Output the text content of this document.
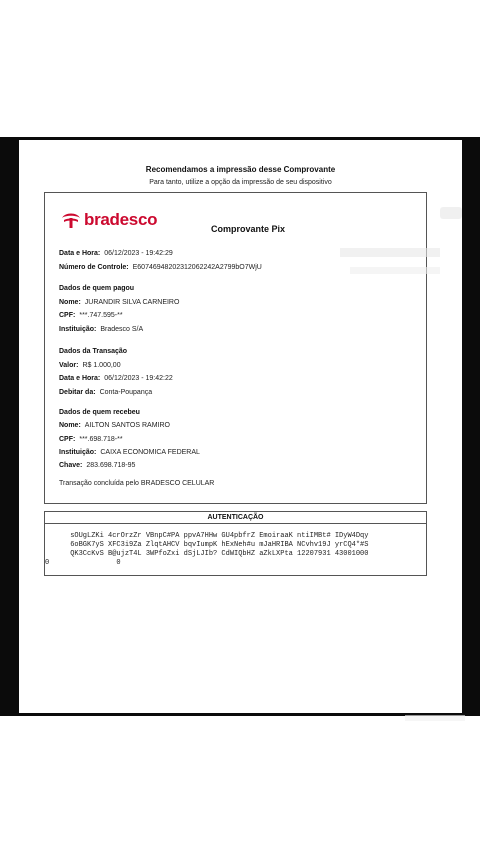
Recomendamos a impressão desse Comprovante
Para tanto, utilize a opção da impressão de seu dispositivo
bradesco	Comprovante Pix
Data e Hora: 06/12/2023 - 19:42:29
Número de Controle: E60746948202312062242A2799bO7WjU
Dados de quem pagou
Nome: JURANDIR SILVA CARNEIRO
CPF: ***.747.595-**
Instituição: Bradesco S/A
Dados da Transação
Valor: R$ 1.000,00
Data e Hora: 06/12/2023 - 19:42:22
Debitar da: Conta-Poupança
Dados de quem recebeu
Nome: AILTON SANTOS RAMIRO
CPF: ***.698.718-**
Instituição: CAIXA ECONOMICA FEDERAL
Chave: 283.698.718-95
Transação concluída pelo BRADESCO CELULAR
AUTENTICAÇÃO
sOUgLZKi 4crOrzZr VBnpC#PA ppvA7HHw GU4pbfrZ EmoiraaK ntiIMBt# IDyW4Dqy
6oBGK7yS XFC3i9Za ZlqtAHCV bqvIumpK hExNeh#u mJaHRIBA NCvhv19J yrCQ4*#S
QK3CcKvS B@ujzT4L 3WPfoZxi dSjLJIb? CdWIQbHZ aZkLXPta 12207931 43001000
0                0
